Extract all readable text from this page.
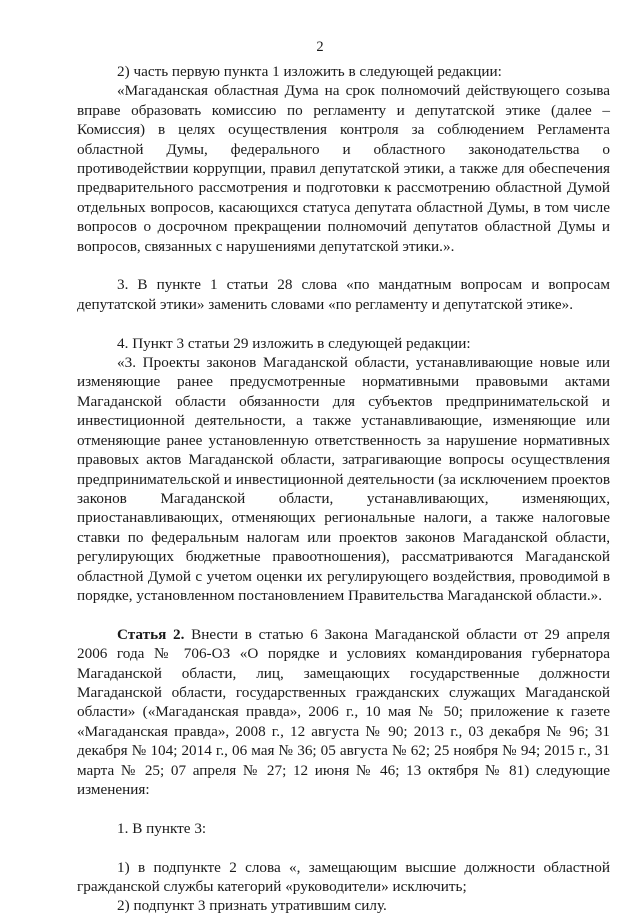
2

2) часть первую пункта 1 изложить в следующей редакции:

«Магаданская областная Дума на срок полномочий действующего созыва вправе образовать комиссию по регламенту и депутатской этике (далее – Комиссия) в целях осуществления контроля за соблюдением Регламента областной Думы, федерального и областного законодательства о противодействии коррупции, правил депутатской этики, а также для обеспечения предварительного рассмотрения и подготовки к рассмотрению областной Думой отдельных вопросов, касающихся статуса депутата областной Думы, в том числе вопросов о досрочном прекращении полномочий депутатов областной Думы и вопросов, связанных с нарушениями депутатской этики.».

3. В пункте 1 статьи 28 слова «по мандатным вопросам и вопросам депутатской этики» заменить словами «по регламенту и депутатской этике».

4. Пункт 3 статьи 29 изложить в следующей редакции:

«3. Проекты законов Магаданской области, устанавливающие новые или изменяющие ранее предусмотренные нормативными правовыми актами Магаданской области обязанности для субъектов предпринимательской и инвестиционной деятельности, а также устанавливающие, изменяющие или отменяющие ранее установленную ответственность за нарушение нормативных правовых актов Магаданской области, затрагивающие вопросы осуществления предпринимательской и инвестиционной деятельности (за исключением проектов законов Магаданской области, устанавливающих, изменяющих, приостанавливающих, отменяющих региональные налоги, а также налоговые ставки по федеральным налогам или проектов законов Магаданской области, регулирующих бюджетные правоотношения), рассматриваются Магаданской областной Думой с учетом оценки их регулирующего воздействия, проводимой в порядке, установленном постановлением Правительства Магаданской области.».

Статья 2. Внести в статью 6 Закона Магаданской области от 29 апреля 2006 года № 706-ОЗ «О порядке и условиях командирования губернатора Магаданской области, лиц, замещающих государственные должности Магаданской области, государственных гражданских служащих Магаданской области» («Магаданская правда», 2006 г., 10 мая № 50; приложение к газете «Магаданская правда», 2008 г., 12 августа № 90; 2013 г., 03 декабря № 96; 31 декабря № 104; 2014 г., 06 мая № 36; 05 августа № 62; 25 ноября № 94; 2015 г., 31 марта № 25; 07 апреля № 27; 12 июня № 46; 13 октября № 81) следующие изменения:

1. В пункте 3:

1) в подпункте 2 слова «, замещающим высшие должности областной гражданской службы категорий «руководители» исключить;

2) подпункт 3 признать утратившим силу.
